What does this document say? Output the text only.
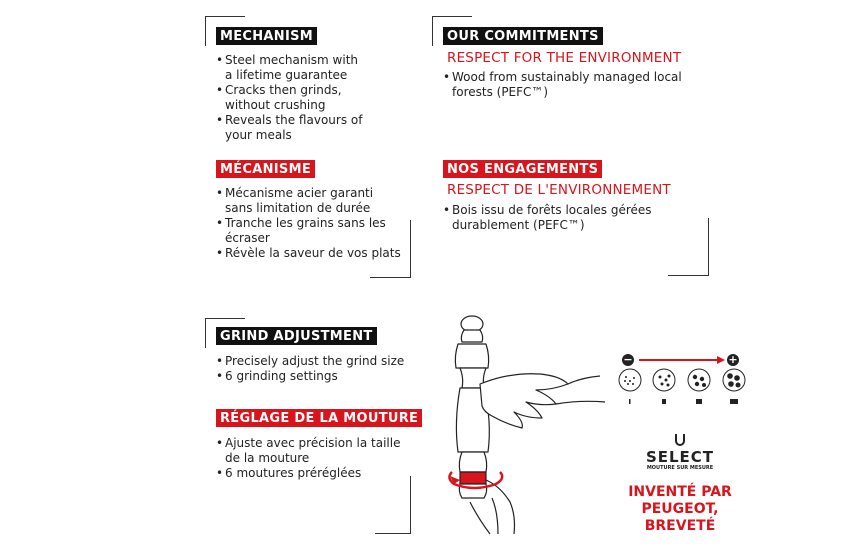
MECHANISM
• Steel mechanism with
a lifetime guarantee
• Cracks then grinds,
without crushing
• Reveals the flavours of
your meals
MÉCANISME
• Mécanisme acier garanti
sans limitation de durée
• Tranche les grains sans les
écraser
• Révèle la saveur de vos plats
OUR COMMITMENTS
RESPECT FOR THE ENVIRONMENT
• Wood from sustainably managed local
forests (PEFC™)
NOS ENGAGEMENTS
RESPECT DE L'ENVIRONNEMENT
• Bois issu de forêts locales gérées
durablement (PEFC™)
GRIND ADJUSTMENT
• Precisely adjust the grind size
• 6 grinding settings
RÉGLAGE DE LA MOUTURE
• Ajuste avec précision la taille
de la mouture
• 6 moutures préréglées
−	+
SELECT
MOUTURE SUR MESURE
INVENTÉ PAR
PEUGEOT,
BREVETÉ
